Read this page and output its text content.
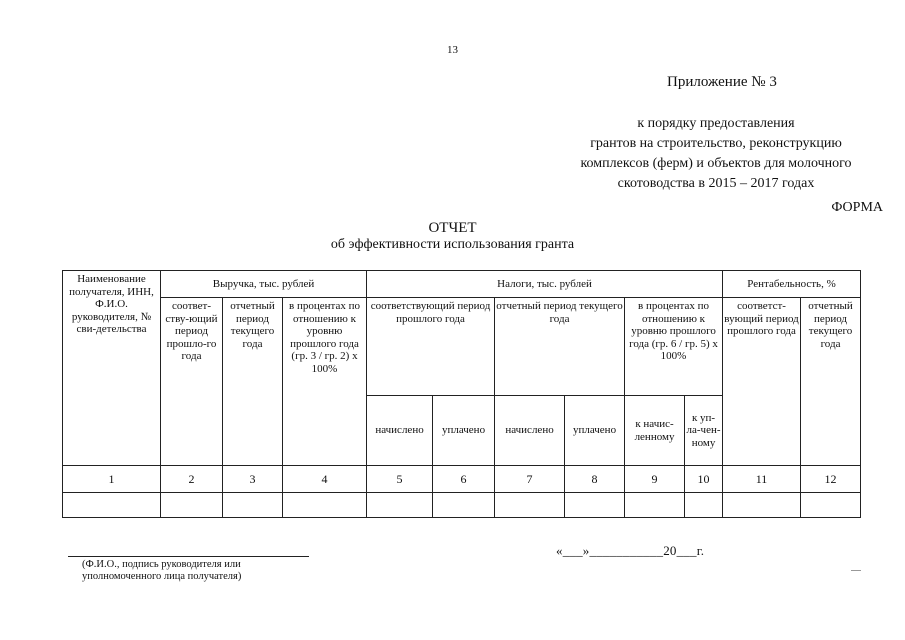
13
Приложение № 3
к порядку предоставления
грантов на строительство, реконструкцию
комплексов (ферм) и объектов для молочного
скотоводства в 2015 – 2017 годах
ФОРМА
ОТЧЕТ
об эффективности использования гранта
Наименование получателя, ИНН, Ф.И.О. руководителя, № сви-детельства	Выручка, тыс. рублей			Налоги, тыс. рублей						Рентабельность, %	
	соответ-ству-ющий период прошло-го года	отчетный период текущего года	в процентах по отношению к уровню прошлого года (гр. 3 / гр. 2) х 100%	соответствующий период прошлого года		отчетный период текущего года		в процентах по отношению к уровню прошлого года (гр. 6 / гр. 5) х 100%		соответст-вующий период прошлого года	отчетный период текущего года
				начислено	уплачено	начислено	уплачено	к начис-ленному	к уп-ла-чен-ному		
1	2	3	4	5	6	7	8	9	10	11	12

(Ф.И.О., подпись руководителя или
уполномоченного лица получателя)
«___»___________20___г.
